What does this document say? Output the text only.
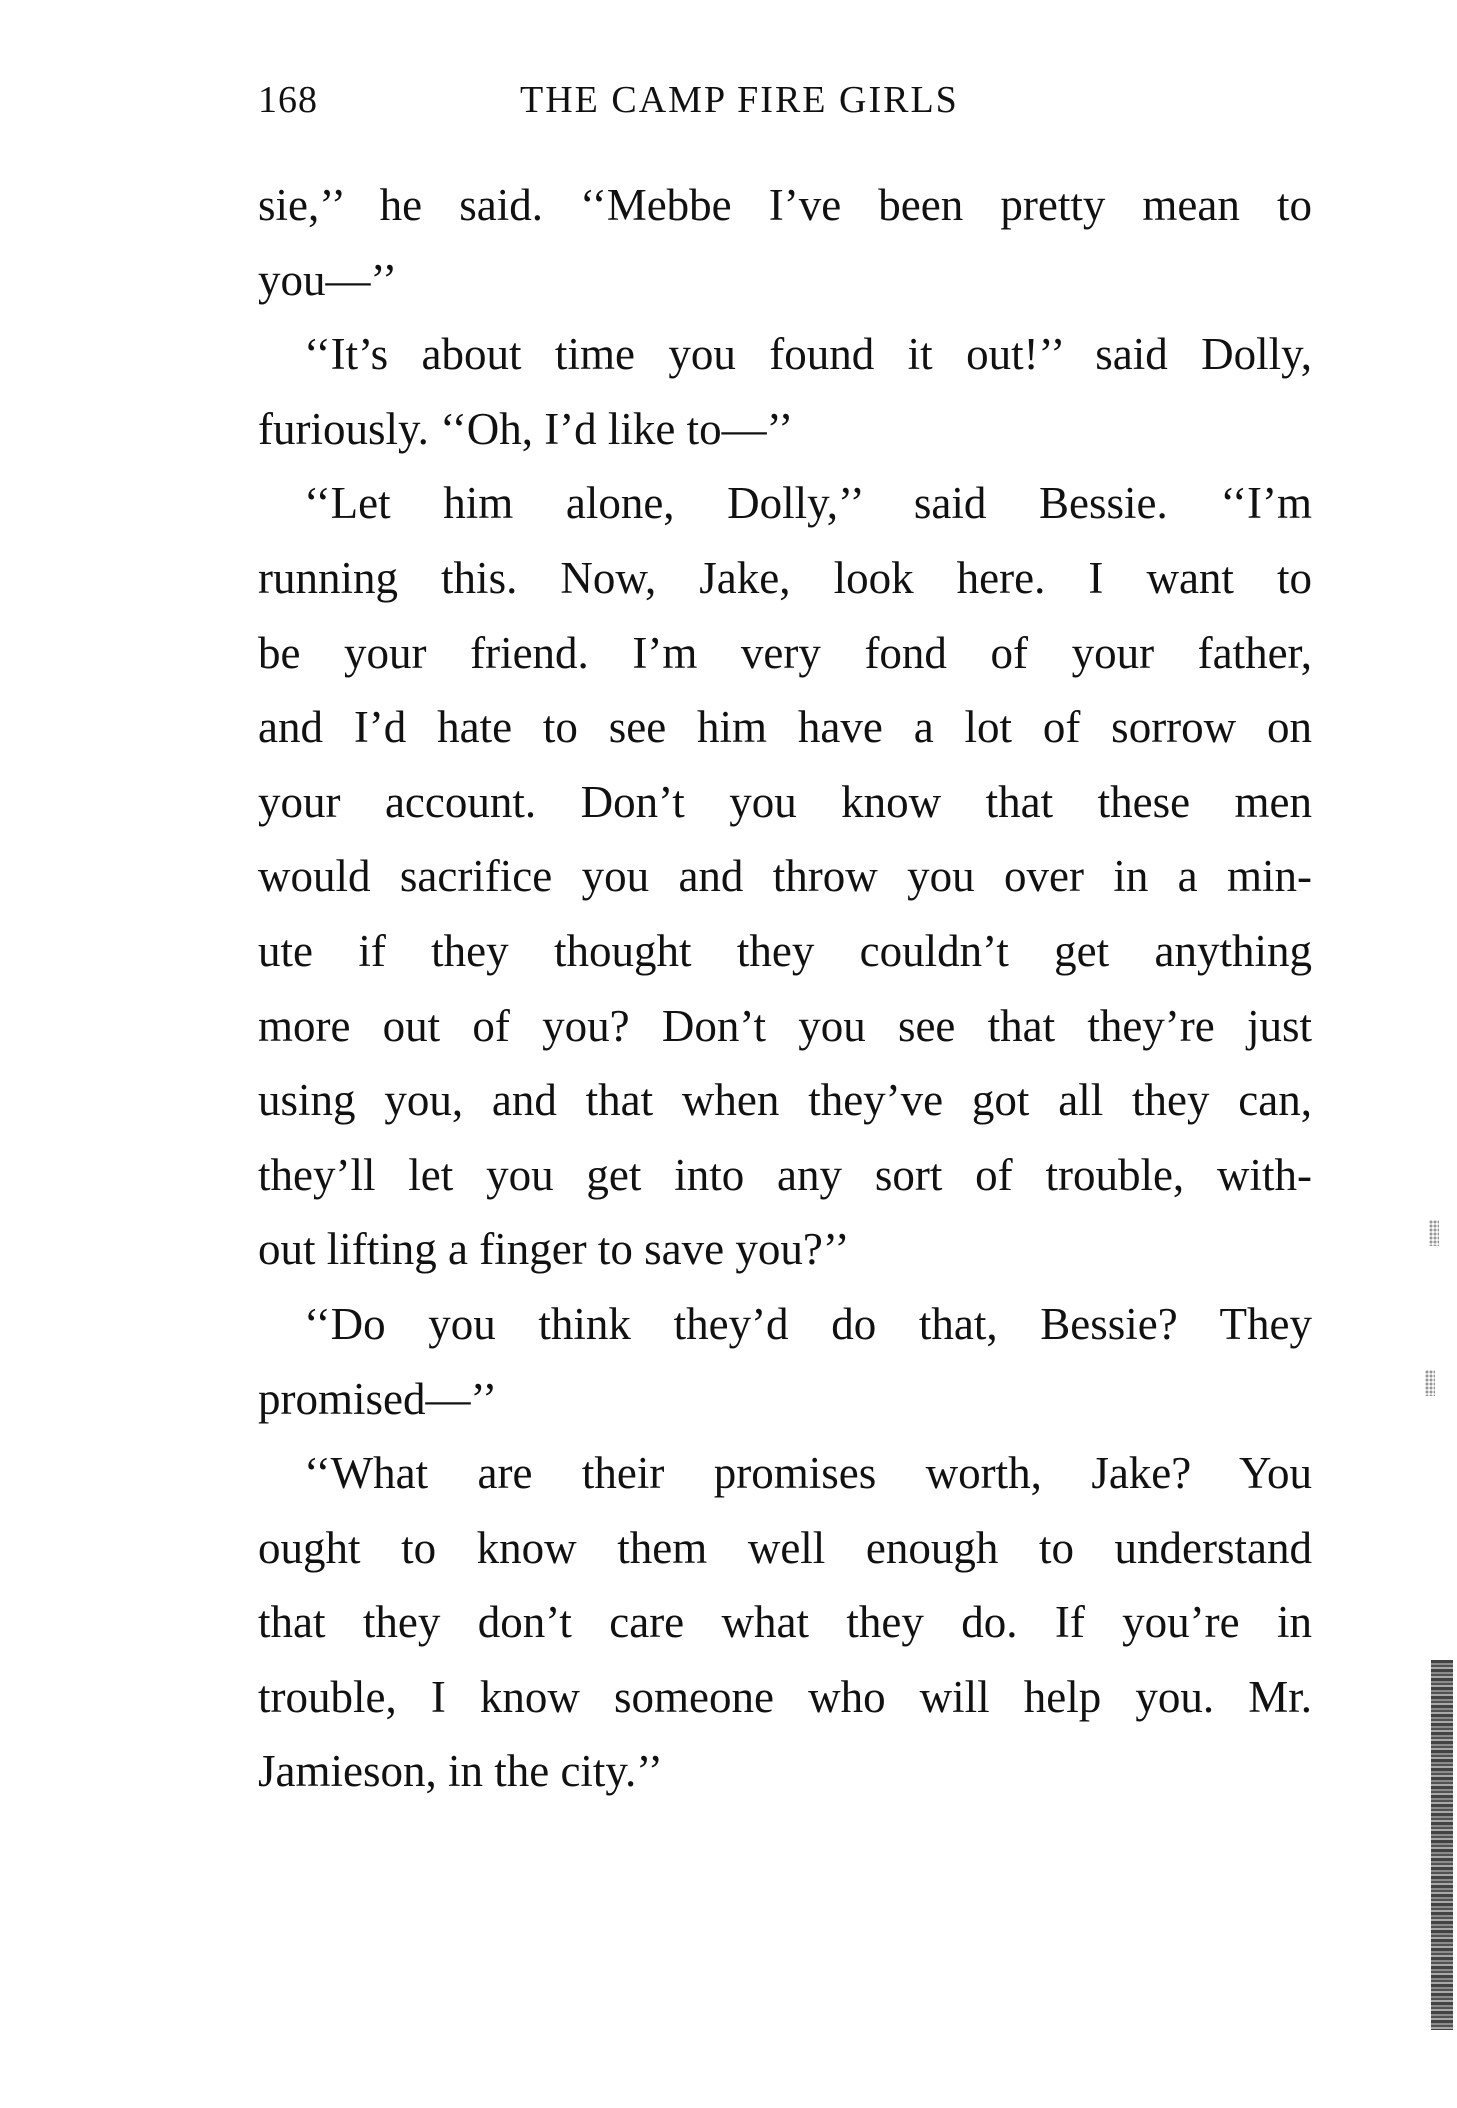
168	THE CAMP FIRE GIRLS
sie,’’ he said. ‘‘Mebbe I’ve been pretty mean to
you—’’
‘‘It’s about time you found it out!’’ said Dolly,
furiously. ‘‘Oh, I’d like to—’’
‘‘Let him alone, Dolly,’’ said Bessie. ‘‘I’m
running this. Now, Jake, look here. I want to
be your friend. I’m very fond of your father,
and I’d hate to see him have a lot of sorrow on
your account. Don’t you know that these men
would sacrifice you and throw you over in a min-
ute if they thought they couldn’t get anything
more out of you? Don’t you see that they’re just
using you, and that when they’ve got all they can,
they’ll let you get into any sort of trouble, with-
out lifting a finger to save you?’’
‘‘Do you think they’d do that, Bessie? They
promised—’’
‘‘What are their promises worth, Jake? You
ought to know them well enough to understand
that they don’t care what they do. If you’re in
trouble, I know someone who will help you. Mr.
Jamieson, in the city.’’
